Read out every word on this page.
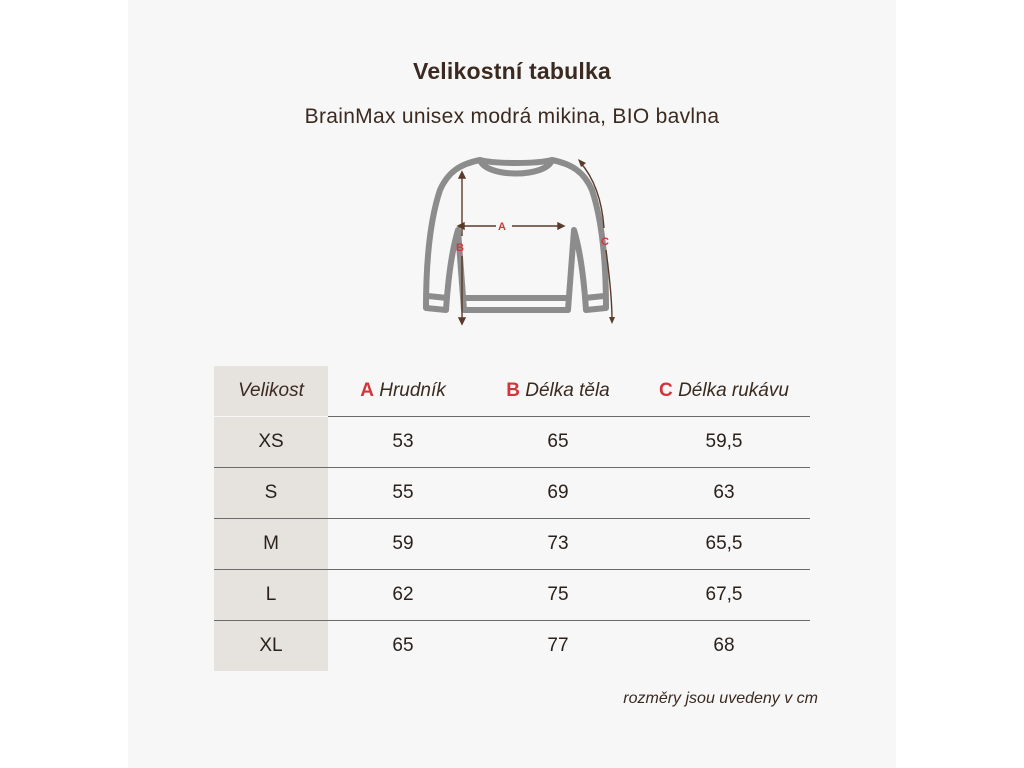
Velikostní tabulka
BrainMax unisex modrá mikina, BIO bavlna
A
B	C
Velikost	A Hrudník	B Délka těla	C Délka rukávu
XS	53	65	59,5
S	55	69	63
M	59	73	65,5
L	62	75	67,5
XL	65	77	68
rozměry jsou uvedeny v cm
